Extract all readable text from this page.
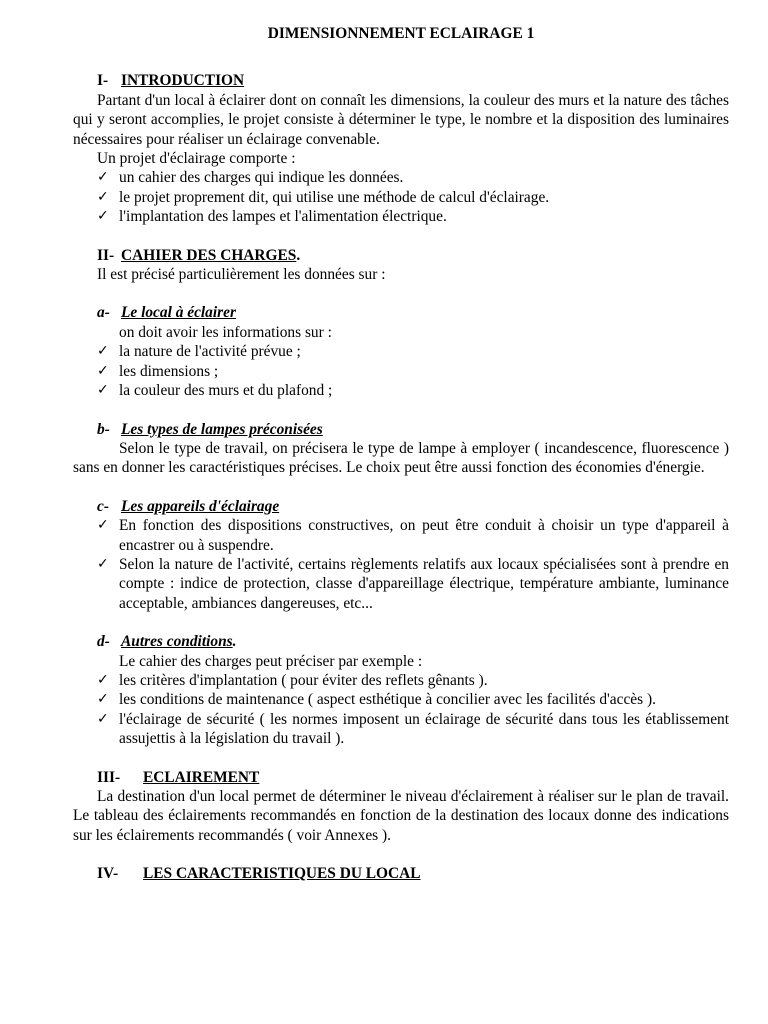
DIMENSIONNEMENT ECLAIRAGE 1
I- INTRODUCTION

Partant d'un local à éclairer dont on connaît les dimensions, la couleur des murs et la nature des tâches qui y seront accomplies, le projet consiste à déterminer le type, le nombre et la disposition des luminaires nécessaires pour réaliser un éclairage convenable.

Un projet d'éclairage comporte :

✓ un cahier des charges qui indique les données.
✓ le projet proprement dit, qui utilise une méthode de calcul d'éclairage.
✓ l'implantation des lampes et l'alimentation électrique.
II- CAHIER DES CHARGES .

Il est précisé particulièrement les données sur :

a- Le local à éclairer

on doit avoir les informations sur :

✓ la nature de l'activité prévue ;
✓ les dimensions ;
✓ la couleur des murs et du plafond ;
b- Les types de lampes préconisées

Selon le type de travail, on précisera le type de lampe à employer ( incandescence, fluorescence ) sans en donner les caractéristiques précises. Le choix peut être aussi fonction des économies d'énergie.

c- Les appareils d'éclairage
✓ En fonction des dispositions constructives, on peut être conduit à choisir un type d'appareil à encastrer ou à suspendre.
✓ Selon la nature de l'activité, certains règlements relatifs aux locaux spécialisées sont à prendre en compte : indice de protection, classe d'appareillage électrique, température ambiante, luminance acceptable, ambiances dangereuses, etc...
d- Autres conditions .

Le cahier des charges peut préciser par exemple :

✓ les critères d'implantation ( pour éviter des reflets gênants ).
✓ les conditions de maintenance ( aspect esthétique à concilier avec les facilités d'accès ).
✓ l'éclairage de sécurité ( les normes imposent un éclairage de sécurité dans tous les établissement assujettis à la législation du travail ).
III-	ECLAIREMENT

La destination d'un local permet de déterminer le niveau d'éclairement à réaliser sur le plan de travail. Le tableau des éclairements recommandés en fonction de la destination des locaux donne des indications sur les éclairements recommandés ( voir Annexes ).

IV-	LES CARACTERISTIQUES DU LOCAL
